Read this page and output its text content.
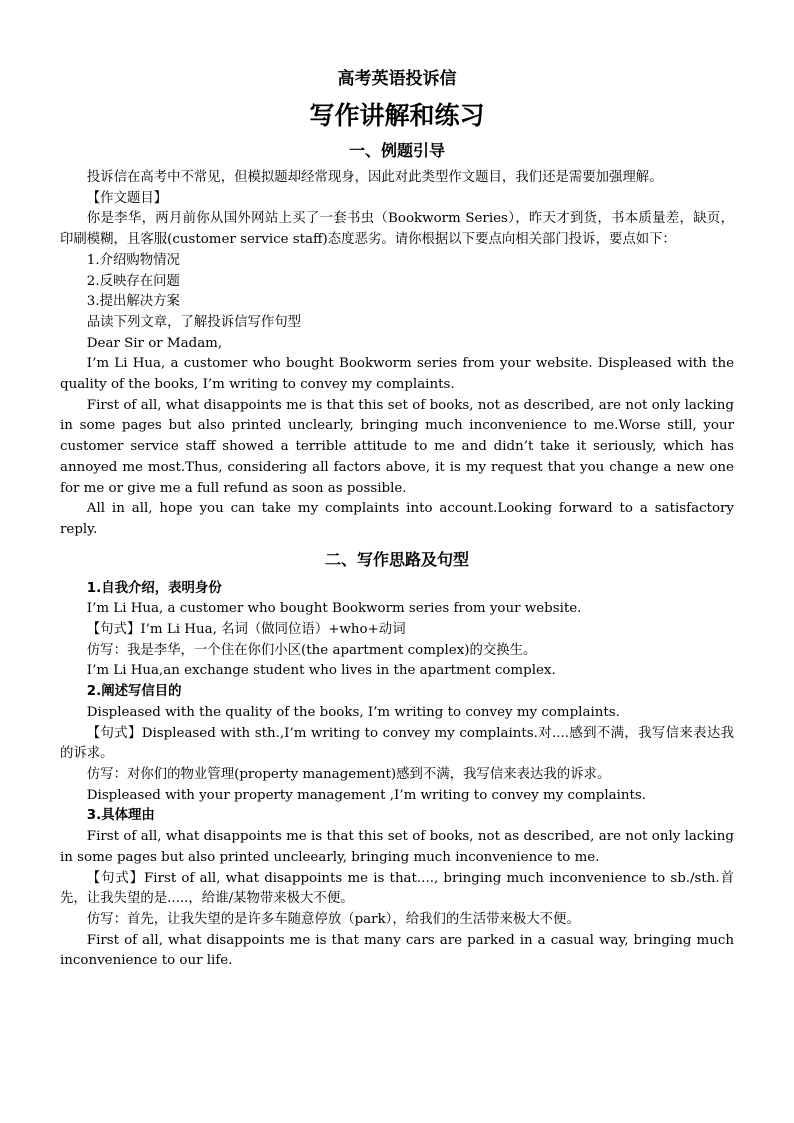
高考英语投诉信
写作讲解和练习
一、例题引导

投诉信在高考中不常见，但模拟题却经常现身，因此对此类型作文题目，我们还是需要加强理解。

【作文题目】

你是李华，两月前你从国外网站上买了一套书虫（Bookworm Series），昨天才到货，书本质量差，缺页，印刷模糊，且客服(customer service staff)态度恶劣。请你根据以下要点向相关部门投诉，要点如下：

1.介绍购物情况

2.反映存在问题

3.提出解决方案

品读下列文章，了解投诉信写作句型

Dear Sir or Madam,

I’m Li Hua, a customer who bought Bookworm series from your website. Displeased with the quality of the books, I’m writing to convey my complaints.

First of all, what disappoints me is that this set of books, not as described, are not only lacking in some pages but also printed unclearly, bringing much inconvenience to me.Worse still, your customer service staff showed a terrible attitude to me and didn’t take it seriously, which has annoyed me most.Thus, considering all factors above, it is my request that you change a new one for me or give me a full refund as soon as possible.

All in all, hope you can take my complaints into account.Looking forward to a satisfactory reply.

二、写作思路及句型
1.自我介绍，表明身份

I’m Li Hua, a customer who bought Bookworm series from your website.

【句式】I’m Li Hua, 名词（做同位语）+who+动词

仿写：我是李华，一个住在你们小区(the apartment complex)的交换生。

I’m Li Hua,an exchange student who lives in the apartment complex.

2.阐述写信目的

Displeased with the quality of the books, I’m writing to convey my complaints.

【句式】Displeased with sth.,I’m writing to convey my complaints.对....感到不满，我写信来表达我的诉求。

仿写：对你们的物业管理(property management)感到不满，我写信来表达我的诉求。

Displeased with your property management ,I’m writing to convey my complaints.

3.具体理由

First of all, what disappoints me is that this set of books, not as described, are not only lacking in some pages but also printed uncleearly, bringing much inconvenience to me.

【句式】First of all, what disappoints me is that...., bringing much inconvenience to sb./sth.首先，让我失望的是.....，给谁/某物带来极大不便。

仿写：首先，让我失望的是许多车随意停放（park），给我们的生活带来极大不便。

First of all, what disappoints me is that many cars are parked in a casual way, bringing much inconvenience to our life.
